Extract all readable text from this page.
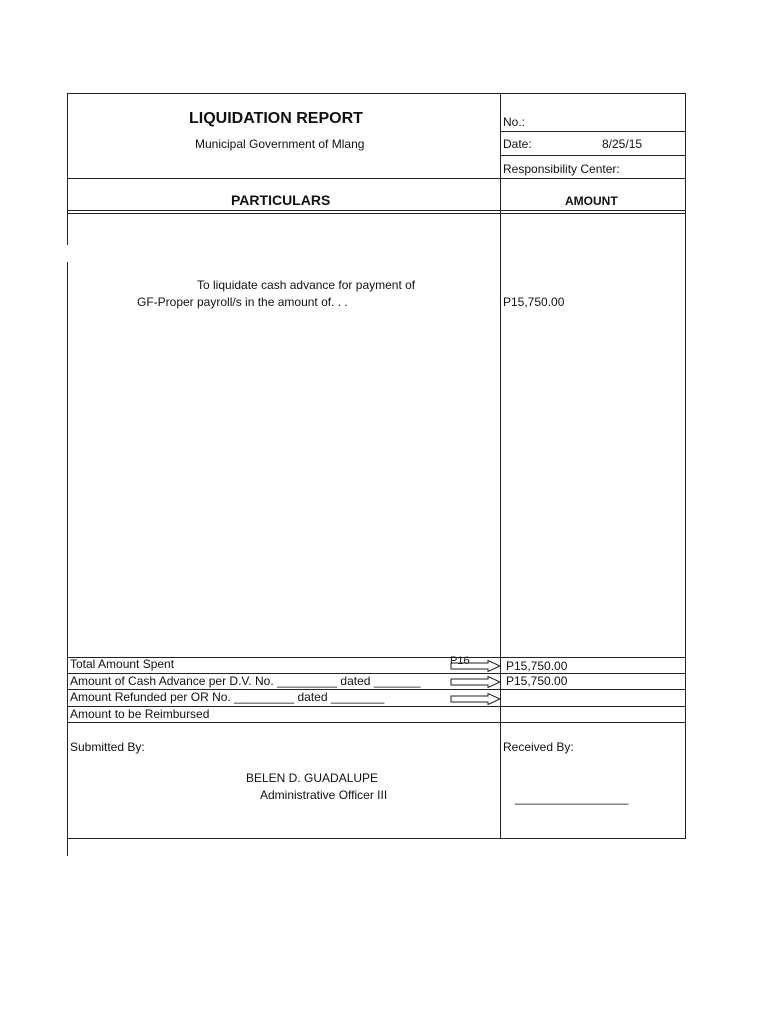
LIQUIDATION REPORT
Municipal Government of Mlang
No.:
Date:	8/25/15
Responsibility Center:
PARTICULARS	AMOUNT
To liquidate cash advance for payment of
GF-Proper payroll/s in the amount of. . .	P15,750.00
Total Amount Spent	P16	P15,750.00
Amount of Cash Advance per D.V. No. _________ dated _______	P15,750.00
Amount Refunded per OR No. _________ dated ________
Amount to be Reimbursed
Submitted By:
BELEN D. GUADALUPE
Administrative Officer III
Received By:
_________________
